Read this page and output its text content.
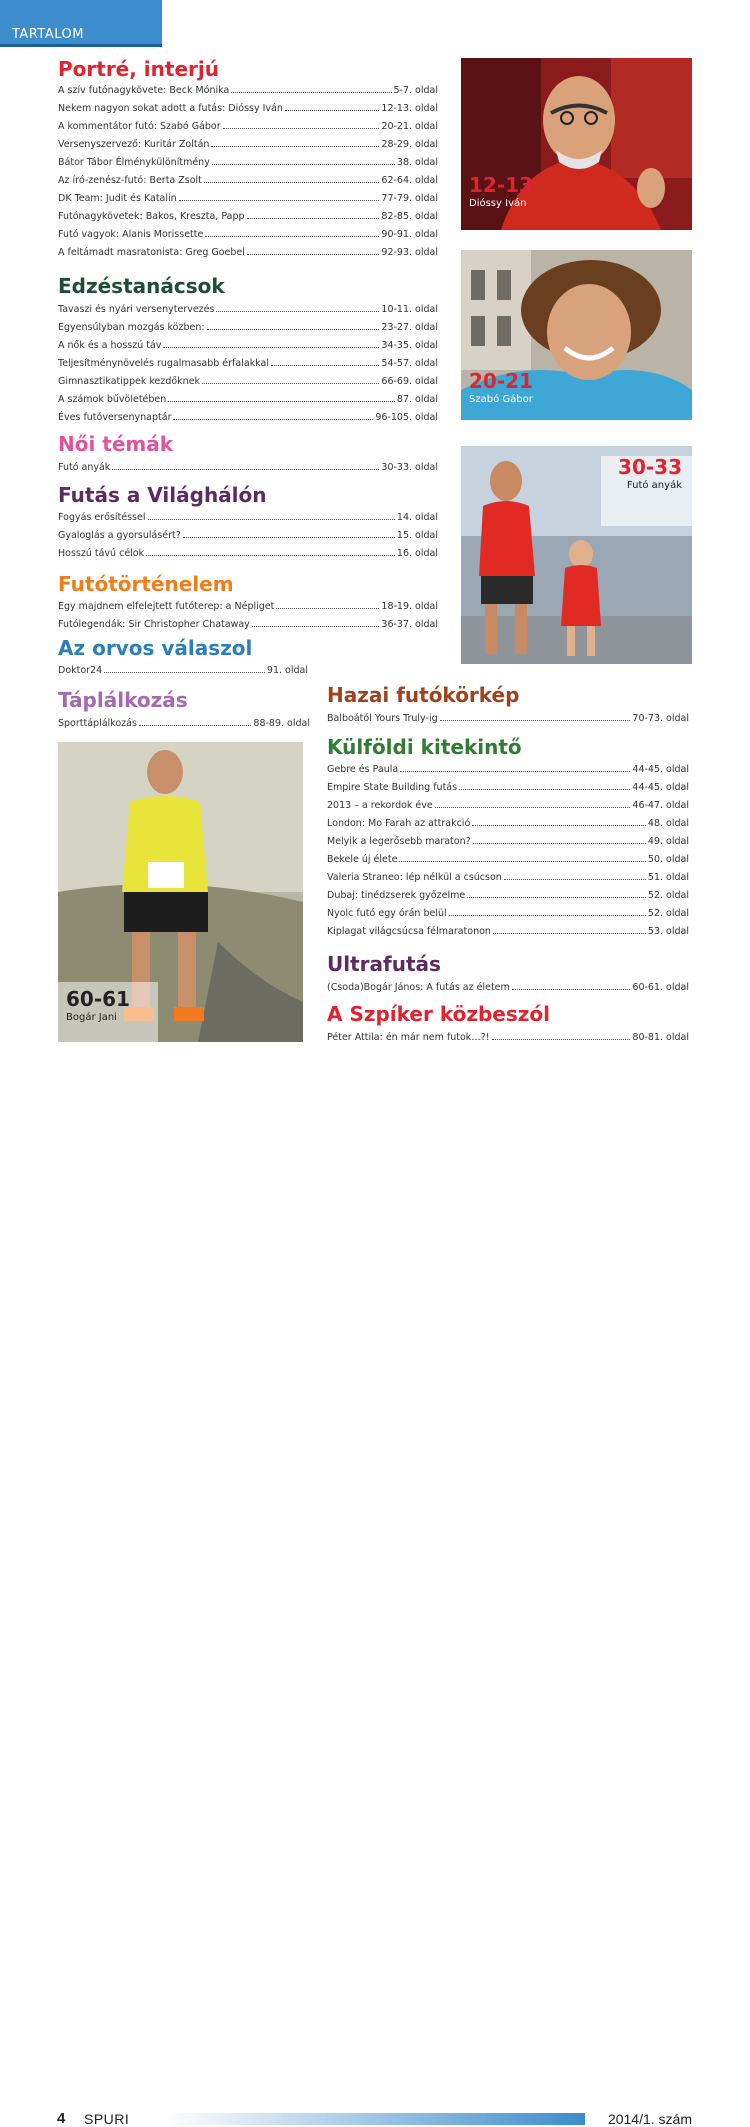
TARTALOM
Portré, interjú
A szív futónagykövete: Beck Mónika	5-7. oldal
Nekem nagyon sokat adott a futás: Dióssy Iván	12-13. oldal
A kommentátor futó: Szabó Gábor	20-21. oldal
Versenyszervező: Kuritár Zoltán	28-29. oldal
Bátor Tábor Élménykülönítmény	38. oldal
Az író-zenész-futó: Berta Zsolt	62-64. oldal
DK Team: Judit és Katalin	77-79. oldal
Futónagykövetek: Bakos, Kreszta, Papp	82-85. oldal
Futó vagyok: Alanis Morissette	90-91. oldal
A feltámadt masratonista: Greg Goebel	92-93. oldal
Edzéstanácsok
Tavaszi és nyári versenytervezés	10-11. oldal
Egyensúlyban mozgás közben:	23-27. oldal
A nők és a hosszú táv	34-35. oldal
Teljesítménynövelés rugalmasabb érfalakkal	54-57. oldal
Gimnasztikatippek kezdőknek	66-69. oldal
A számok bűvöletében	87. oldal
Éves futóversenynaptár	96-105. oldal
Női témák
Futó anyák	30-33. oldal
Futás a Világhálón
Fogyás erősítéssel	14. oldal
Gyaloglás a gyorsulásért?	15. oldal
Hosszú távú célok	16. oldal
Futótörténelem
Egy majdnem elfelejtett futóterep: a Népliget	18-19. oldal
Futólegendák: Sir Christopher Chataway	36-37. oldal
Az orvos válaszol
Doktor24	91. oldal
Táplálkozás
Sporttáplálkozás	88-89. oldal
Hazai futókörkép
Balboától Yours Truly-ig	70-73. oldal
Külföldi kitekintő
Gebre és Paula	44-45. oldal
Empire State Building futás	44-45. oldal
2013 – a rekordok éve	46-47. oldal
London: Mo Farah az attrakció	48. oldal
Melyik a legerősebb maraton?	49. oldal
Bekele új élete	50. oldal
Valeria Straneo: lép nélkül a csúcson	51. oldal
Dubaj: tinédzserek győzelme	52. oldal
Nyolc futó egy órán belül	52. oldal
Kiplagat világcsúcsa félmaratonon	53. oldal
Ultrafutás
(Csoda)Bogár János: A futás az életem	60-61. oldal
A Szpíker közbeszól
Péter Attila: én már nem futok…?!	80-81. oldal
12-13
Dióssy Iván
20-21
Szabó Gábor
30-33
Futó anyák
60-61
Bogár Jani
4 SPURI	2014/1. szám
